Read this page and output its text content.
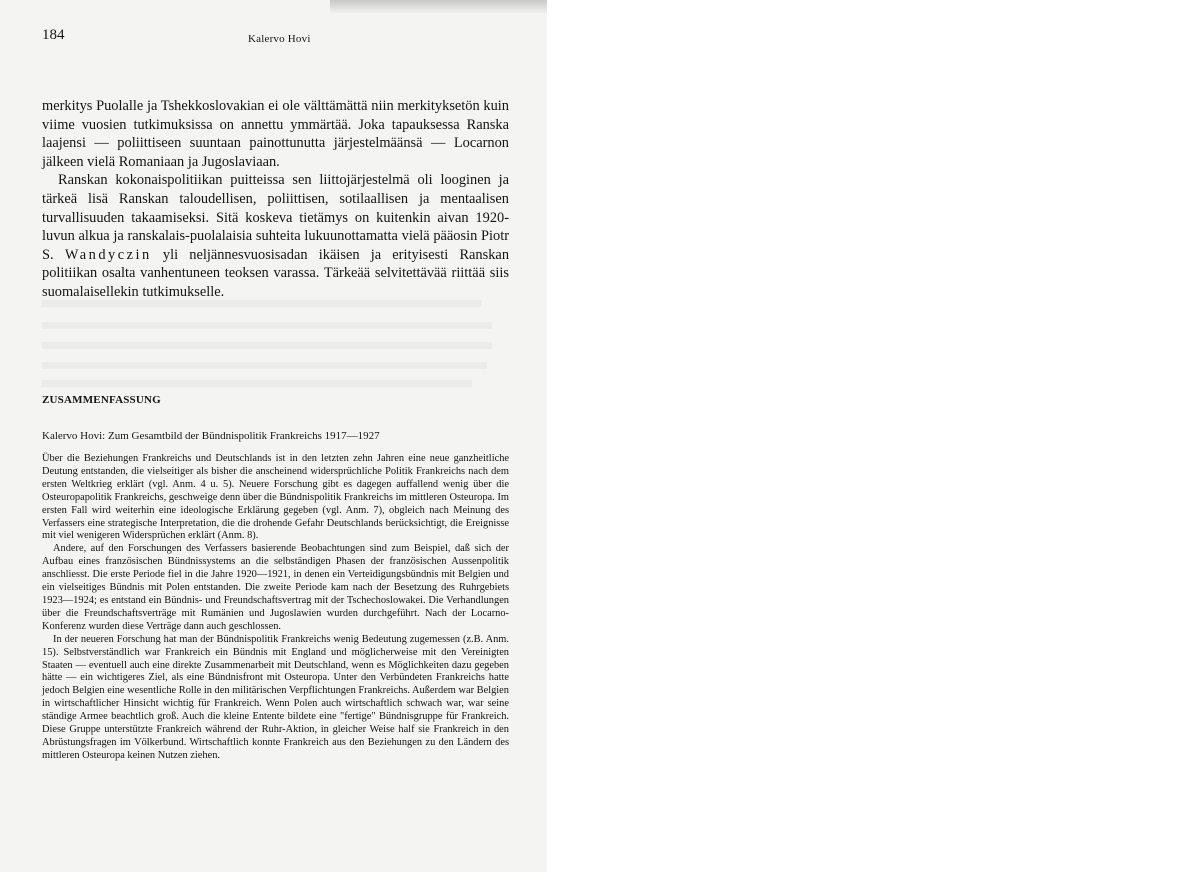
184	Kalervo Hovi

merkitys Puolalle ja Tshekkoslovakian ei ole välttämättä niin merkityksetön kuin viime vuosien tutkimuksissa on annettu ymmärtää. Joka tapauksessa Ranska laajensi — poliittiseen suuntaan painottunutta järjestelmäänsä — Locarnon jälkeen vielä Romaniaan ja Jugoslaviaan.

Ranskan kokonaispolitiikan puitteissa sen liittojärjestelmä oli looginen ja tärkeä lisä Ranskan taloudellisen, poliittisen, sotilaallisen ja mentaalisen turvallisuuden takaamiseksi. Sitä koskeva tietämys on kuitenkin aivan 1920-luvun alkua ja ranskalais-puolalaisia suhteita lukuunottamatta vielä pääosin Piotr S. Wandyczin yli neljännesvuosisadan ikäisen ja erityisesti Ranskan politiikan osalta vanhentuneen teoksen varassa. Tärkeää selvitettävää riittää siis suomalaisellekin tutkimukselle.

ZUSAMMENFASSUNG
Kalervo Hovi: Zum Gesamtbild der Bündnispolitik Frankreichs 1917—1927

Über die Beziehungen Frankreichs und Deutschlands ist in den letzten zehn Jahren eine neue ganzheitliche Deutung entstanden, die vielseitiger als bisher die anscheinend widersprüchliche Politik Frankreichs nach dem ersten Weltkrieg erklärt (vgl. Anm. 4 u. 5). Neuere Forschung gibt es dagegen auffallend wenig über die Osteuropapolitik Frankreichs, geschweige denn über die Bündnispolitik Frankreichs im mittleren Osteuropa. Im ersten Fall wird weiterhin eine ideologische Erklärung gegeben (vgl. Anm. 7), obgleich nach Meinung des Verfassers eine strategische Interpretation, die die drohende Gefahr Deutschlands berücksichtigt, die Ereignisse mit viel wenigeren Widersprüchen erklärt (Anm. 8).

Andere, auf den Forschungen des Verfassers basierende Beobachtungen sind zum Beispiel, daß sich der Aufbau eines französischen Bündnissystems an die selbständigen Phasen der französischen Aussenpolitik anschliesst. Die erste Periode fiel in die Jahre 1920—1921, in denen ein Verteidigungsbündnis mit Belgien und ein vielseitiges Bündnis mit Polen entstanden. Die zweite Periode kam nach der Besetzung des Ruhrgebiets 1923—1924; es entstand ein Bündnis- und Freundschaftsvertrag mit der Tschechoslowakei. Die Verhandlungen über die Freundschaftsverträge mit Rumänien und Jugoslawien wurden durchgeführt. Nach der Locarno-Konferenz wurden diese Verträge dann auch geschlossen.

In der neueren Forschung hat man der Bündnispolitik Frankreichs wenig Bedeutung zugemessen (z.B. Anm. 15). Selbstverständlich war Frankreich ein Bündnis mit England und möglicherweise mit den Vereinigten Staaten — eventuell auch eine direkte Zusammenarbeit mit Deutschland, wenn es Möglichkeiten dazu gegeben hätte — ein wichtigeres Ziel, als eine Bündnisfront mit Osteuropa. Unter den Verbündeten Frankreichs hatte jedoch Belgien eine wesentliche Rolle in den militärischen Verpflichtungen Frankreichs. Außerdem war Belgien in wirtschaftlicher Hinsicht wichtig für Frankreich. Wenn Polen auch wirtschaftlich schwach war, war seine ständige Armee beachtlich groß. Auch die kleine Entente bildete eine "fertige" Bündnisgruppe für Frankreich. Diese Gruppe unterstützte Frankreich während der Ruhr-Aktion, in gleicher Weise half sie Frankreich in den Abrüstungsfragen im Völkerbund. Wirtschaftlich konnte Frankreich aus den Beziehungen zu den Ländern des mittleren Osteuropa keinen Nutzen ziehen.
